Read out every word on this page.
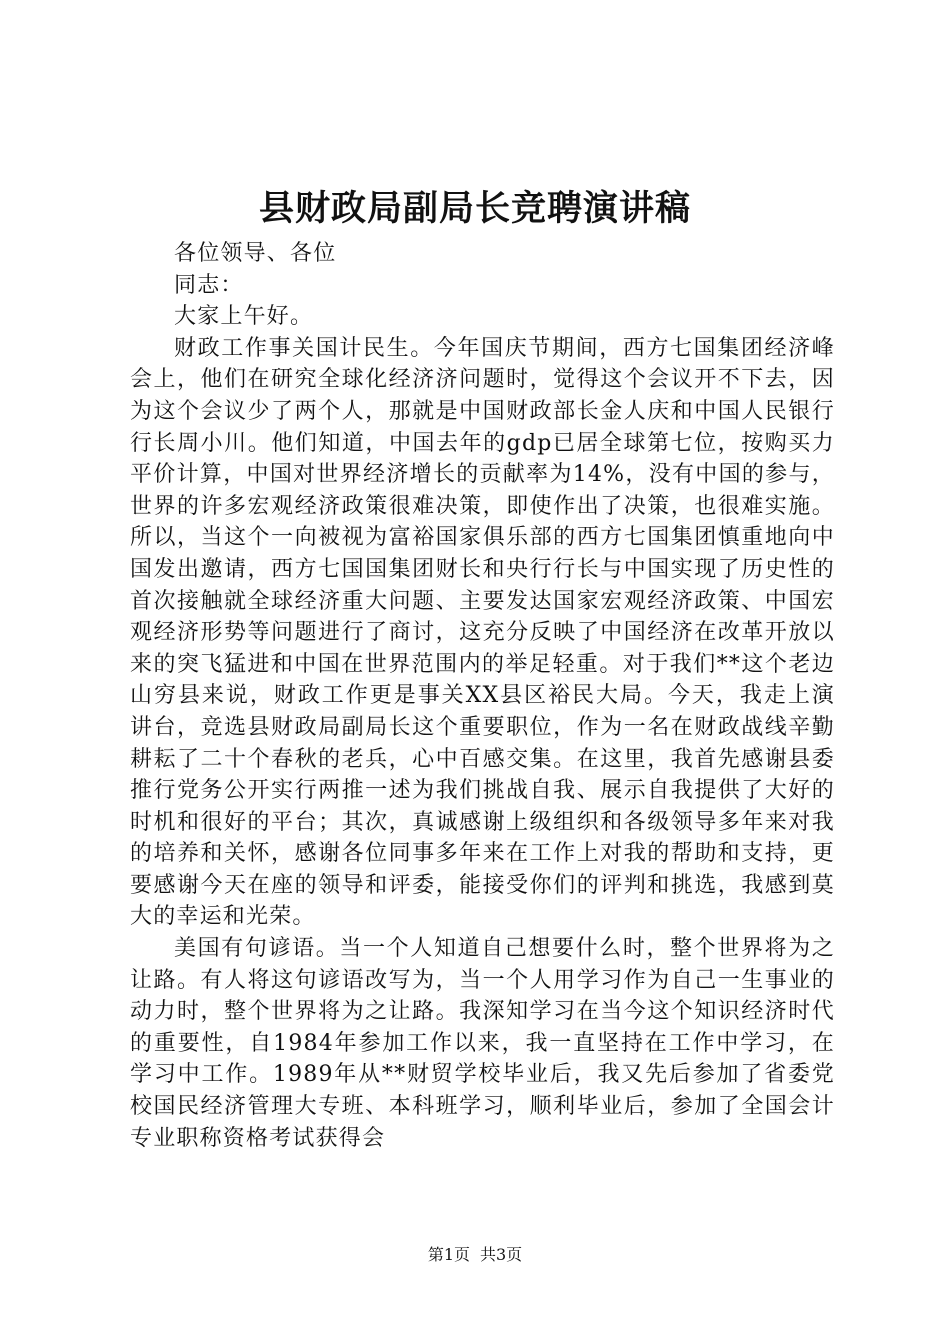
县财政局副局长竞聘演讲稿

各位领导、各位

同志：

大家上午好。

财政工作事关国计民生。今年国庆节期间，西方七国集团经济峰会上，他们在研究全球化经济济问题时，觉得这个会议开不下去，因为这个会议少了两个人，那就是中国财政部长金人庆和中国人民银行行长周小川。他们知道，中国去年的gdp已居全球第七位，按购买力平价计算，中国对世界经济增长的贡献率为14%，没有中国的参与，世界的许多宏观经济政策很难决策，即使作出了决策，也很难实施。所以，当这个一向被视为富裕国家俱乐部的西方七国集团慎重地向中国发出邀请，西方七国国集团财长和央行行长与中国实现了历史性的首次接触就全球经济重大问题、主要发达国家宏观经济政策、中国宏观经济形势等问题进行了商讨，这充分反映了中国经济在改革开放以来的突飞猛进和中国在世界范围内的举足轻重。对于我们**这个老边山穷县来说，财政工作更是事关XX县区裕民大局。今天，我走上演讲台，竞选县财政局副局长这个重要职位，作为一名在财政战线辛勤耕耘了二十个春秋的老兵，心中百感交集。在这里，我首先感谢县委推行党务公开实行两推一述为我们挑战自我、展示自我提供了大好的时机和很好的平台；其次，真诚感谢上级组织和各级领导多年来对我的培养和关怀，感谢各位同事多年来在工作上对我的帮助和支持，更要感谢今天在座的领导和评委，能接受你们的评判和挑选，我感到莫大的幸运和光荣。

美国有句谚语。当一个人知道自己想要什么时，整个世界将为之让路。有人将这句谚语改写为，当一个人用学习作为自己一生事业的动力时，整个世界将为之让路。我深知学习在当今这个知识经济时代的重要性，自1984年参加工作以来，我一直坚持在工作中学习，在学习中工作。1989年从**财贸学校毕业后，我又先后参加了省委党校国民经济管理大专班、本科班学习，顺利毕业后，参加了全国会计专业职称资格考试获得会

第1页 共3页
